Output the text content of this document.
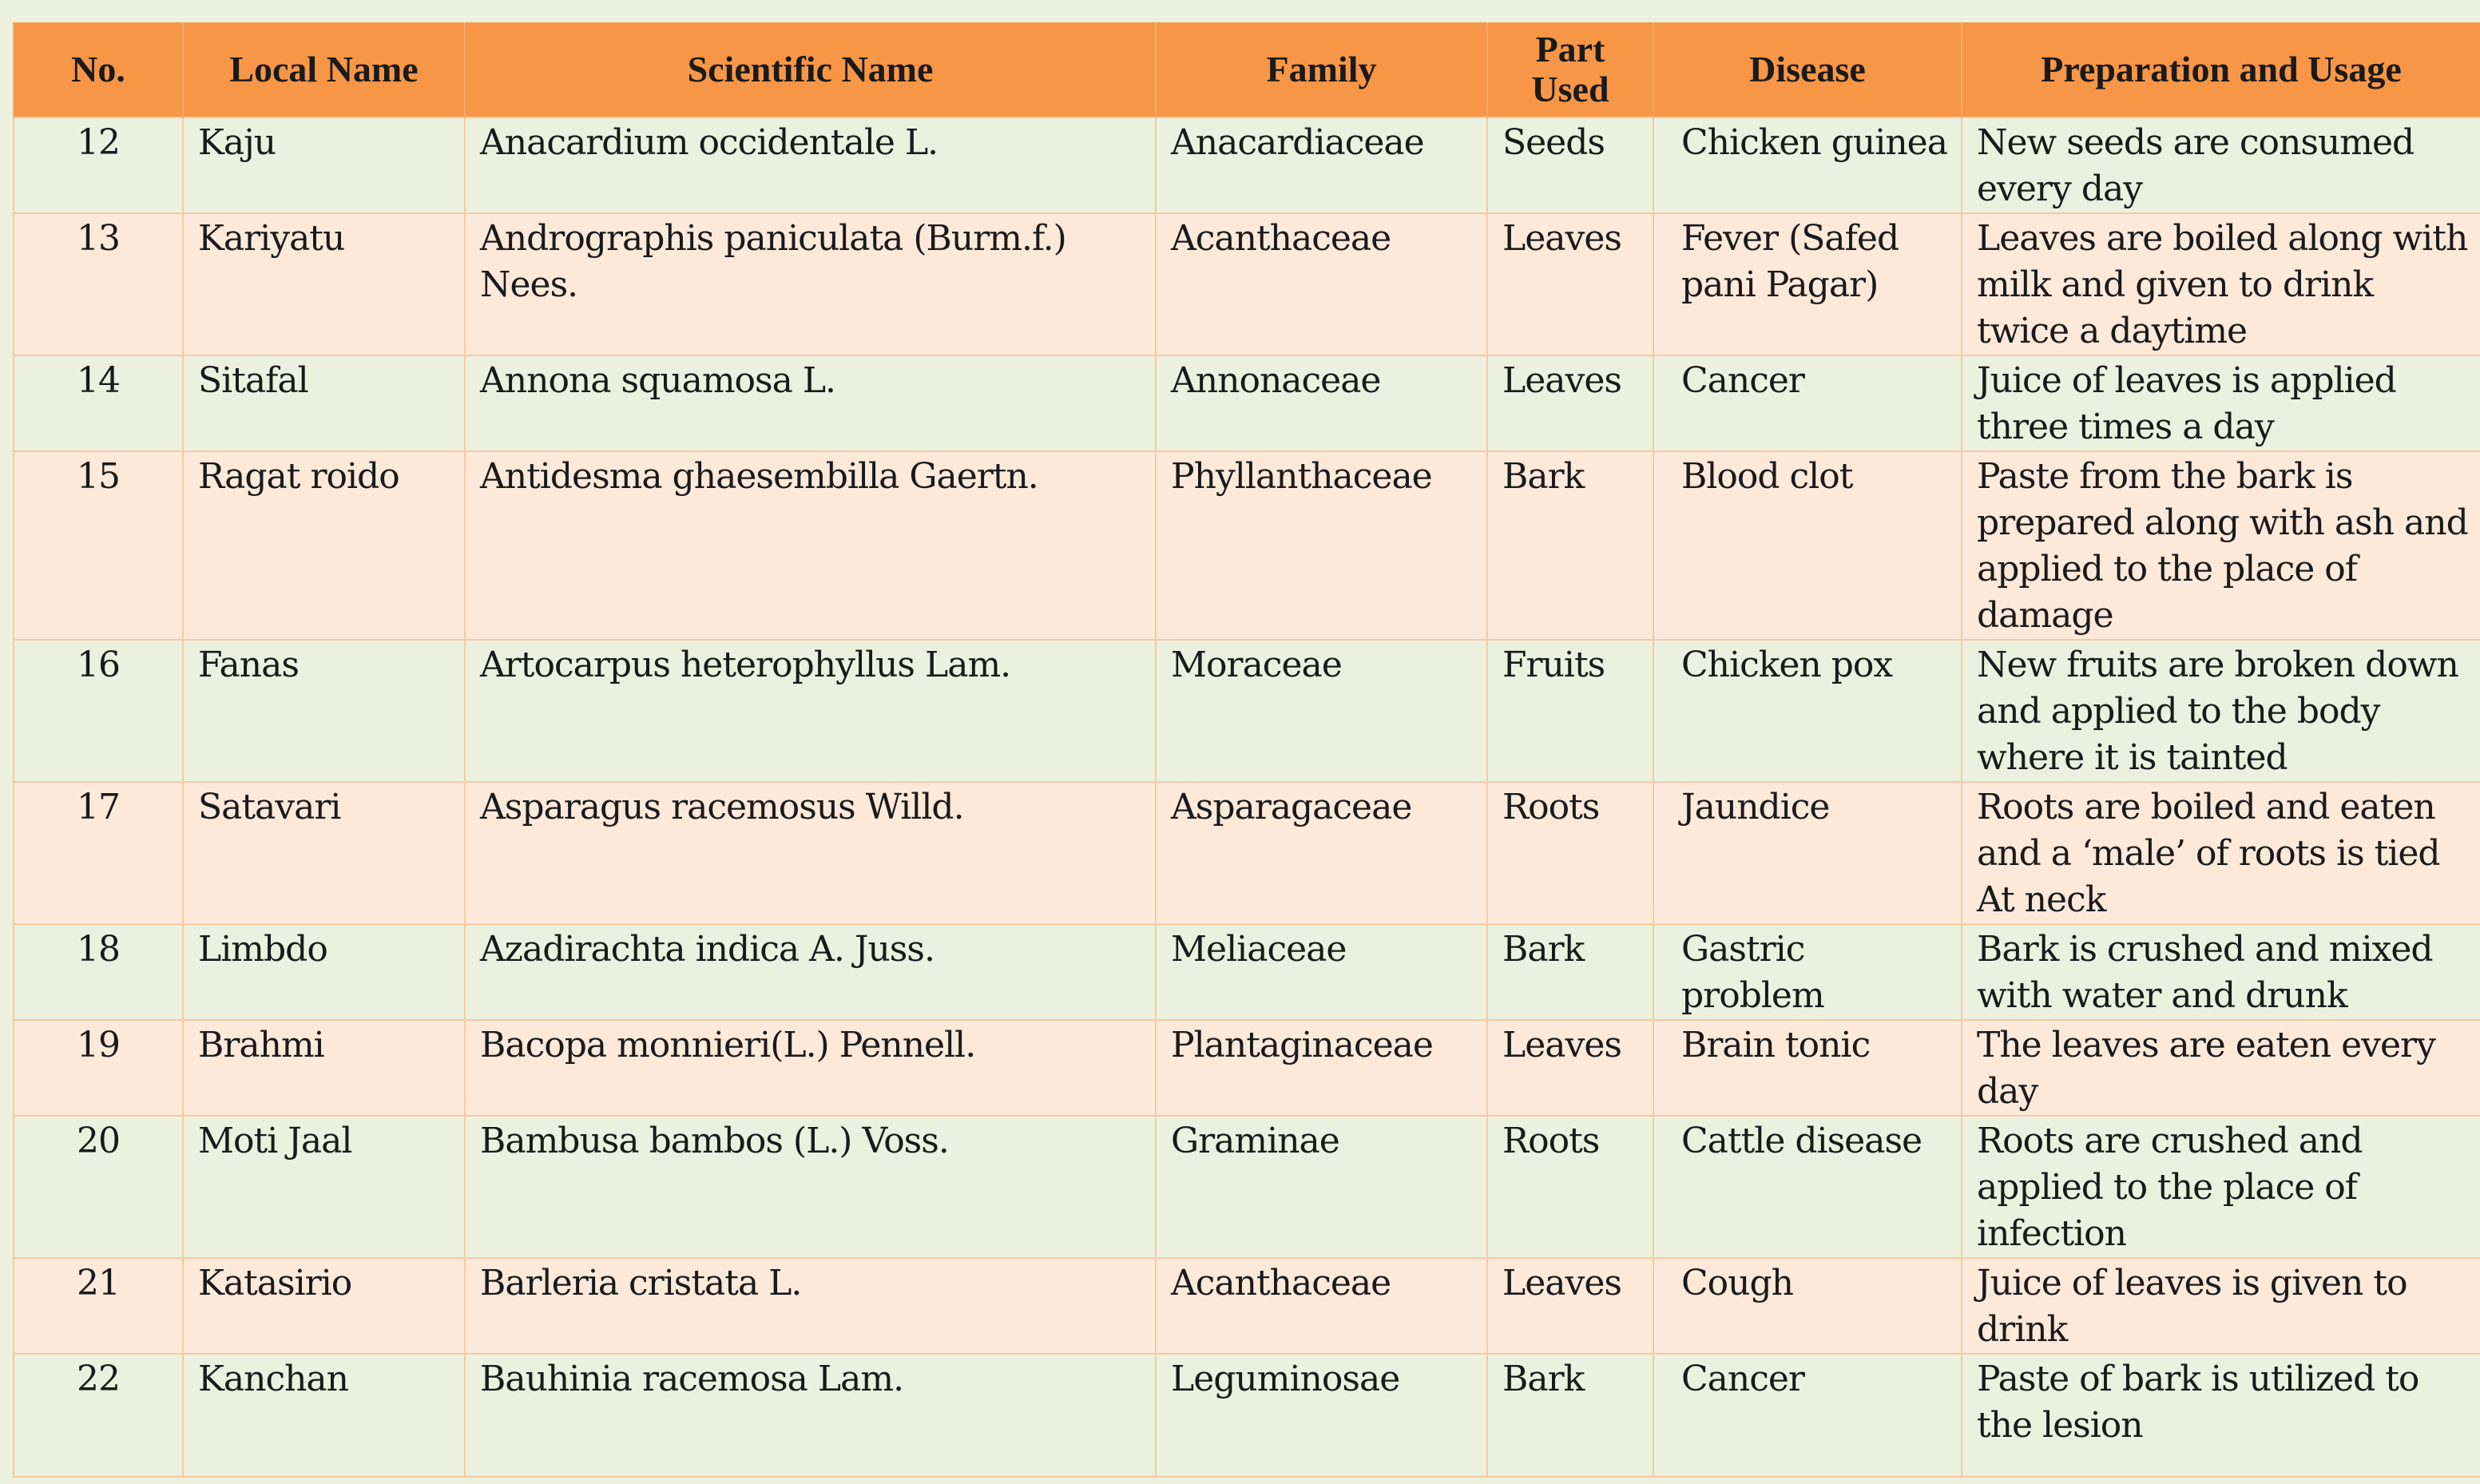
No.	Local Name	Scientific Name	Family	Part Used	Disease	Preparation and Usage
12	Kaju	Anacardium occidentale L.	Anacardiaceae	Seeds	Chicken guinea	New seeds are consumed every day
13	Kariyatu	Andrographis paniculata (Burm.f.) Nees.	Acanthaceae	Leaves	Fever (Safed pani Pagar)	Leaves are boiled along with milk and given to drink twice a daytime
14	Sitafal	Annona squamosa L.	Annonaceae	Leaves	Cancer	Juice of leaves is applied three times a day
15	Ragat roido	Antidesma ghaesembilla Gaertn.	Phyllanthaceae	Bark	Blood clot	Paste from the bark is prepared along with ash and applied to the place of damage
16	Fanas	Artocarpus heterophyllus Lam.	Moraceae	Fruits	Chicken pox	New fruits are broken down and applied to the body where it is tainted
17	Satavari	Asparagus racemosus Willd.	Asparagaceae	Roots	Jaundice	Roots are boiled and eaten and a ‘male’ of roots is tied At neck
18	Limbdo	Azadirachta indica A. Juss.	Meliaceae	Bark	Gastric problem	Bark is crushed and mixed with water and drunk
19	Brahmi	Bacopa monnieri(L.) Pennell.	Plantaginaceae	Leaves	Brain tonic	The leaves are eaten every day
20	Moti Jaal	Bambusa bambos (L.) Voss.	Graminae	Roots	Cattle disease	Roots are crushed and applied to the place of infection
21	Katasirio	Barleria cristata L.	Acanthaceae	Leaves	Cough	Juice of leaves is given to drink
22	Kanchan	Bauhinia racemosa Lam.	Leguminosae	Bark	Cancer	Paste of bark is utilized to the lesion
